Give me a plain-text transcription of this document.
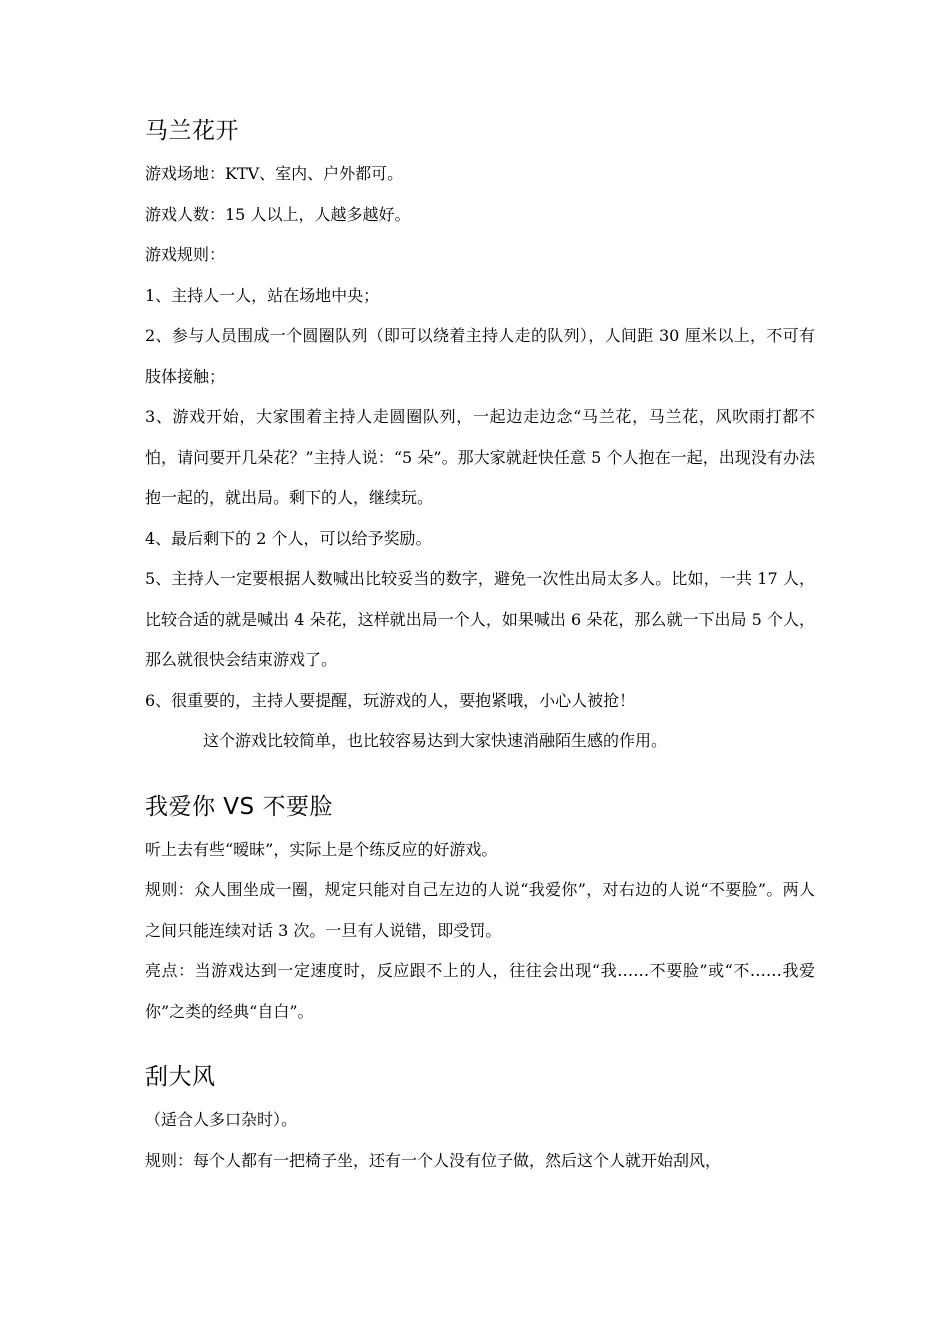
马兰花开

游戏场地：KTV、室内、户外都可。

游戏人数：15 人以上，人越多越好。

游戏规则：

1、主持人一人，站在场地中央；

2、参与人员围成一个圆圈队列（即可以绕着主持人走的队列），人间距 30 厘米以上，不可有肢体接触；

3、游戏开始，大家围着主持人走圆圈队列，一起边走边念“马兰花，马兰花，风吹雨打都不怕，请问要开几朵花？”主持人说：“5 朵”。那大家就赶快任意 5 个人抱在一起，出现没有办法抱一起的，就出局。剩下的人，继续玩。

4、最后剩下的 2 个人，可以给予奖励。

5、主持人一定要根据人数喊出比较妥当的数字，避免一次性出局太多人。比如，一共 17 人，比较合适的就是喊出 4 朵花，这样就出局一个人，如果喊出 6 朵花，那么就一下出局 5 个人，那么就很快会结束游戏了。

6、很重要的，主持人要提醒，玩游戏的人，要抱紧哦，小心人被抢！

这个游戏比较简单，也比较容易达到大家快速消融陌生感的作用。

我爱你 VS 不要脸

听上去有些“暧昧”，实际上是个练反应的好游戏。

规则：众人围坐成一圈，规定只能对自己左边的人说“我爱你”，对右边的人说“不要脸”。两人之间只能连续对话 3 次。一旦有人说错，即受罚。

亮点：当游戏达到一定速度时，反应跟不上的人，往往会出现“我……不要脸”或“不……我爱你”之类的经典“自白”。

刮大风

（适合人多口杂时）。

规则：每个人都有一把椅子坐，还有一个人没有位子做，然后这个人就开始刮风，
